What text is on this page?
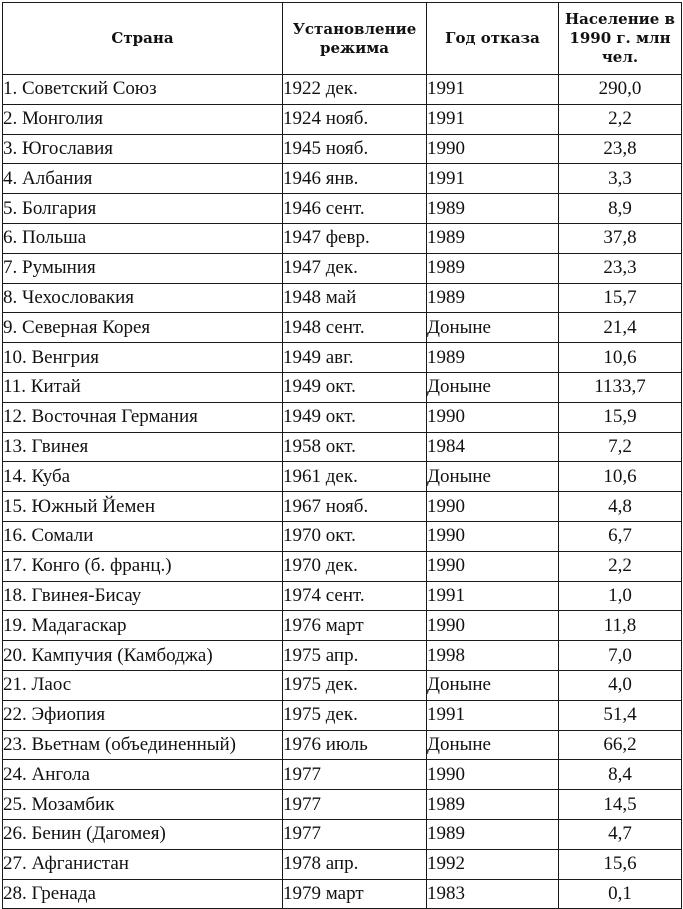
Страна	Установление режима	Год отказа	Население в 1990 г. млн чел.
1. Советский Союз	1922 дек.	1991	290,0
2. Монголия	1924 нояб.	1991	2,2
3. Югославия	1945 нояб.	1990	23,8
4. Албания	1946 янв.	1991	3,3
5. Болгария	1946 сент.	1989	8,9
6. Польша	1947 февр.	1989	37,8
7. Румыния	1947 дек.	1989	23,3
8. Чехословакия	1948 май	1989	15,7
9. Северная Корея	1948 сент.	Доныне	21,4
10. Венгрия	1949 авг.	1989	10,6
11. Китай	1949 окт.	Доныне	1133,7
12. Восточная Германия	1949 окт.	1990	15,9
13. Гвинея	1958 окт.	1984	7,2
14. Куба	1961 дек.	Доныне	10,6
15. Южный Йемен	1967 нояб.	1990	4,8
16. Сомали	1970 окт.	1990	6,7
17. Конго (б. франц.)	1970 дек.	1990	2,2
18. Гвинея-Бисау	1974 сент.	1991	1,0
19. Мадагаскар	1976 март	1990	11,8
20. Кампучия (Камбоджа)	1975 апр.	1998	7,0
21. Лаос	1975 дек.	Доныне	4,0
22. Эфиопия	1975 дек.	1991	51,4
23. Вьетнам (объединенный)	1976 июль	Доныне	66,2
24. Ангола	1977	1990	8,4
25. Мозамбик	1977	1989	14,5
26. Бенин (Дагомея)	1977	1989	4,7
27. Афганистан	1978 апр.	1992	15,6
28. Гренада	1979 март	1983	0,1
